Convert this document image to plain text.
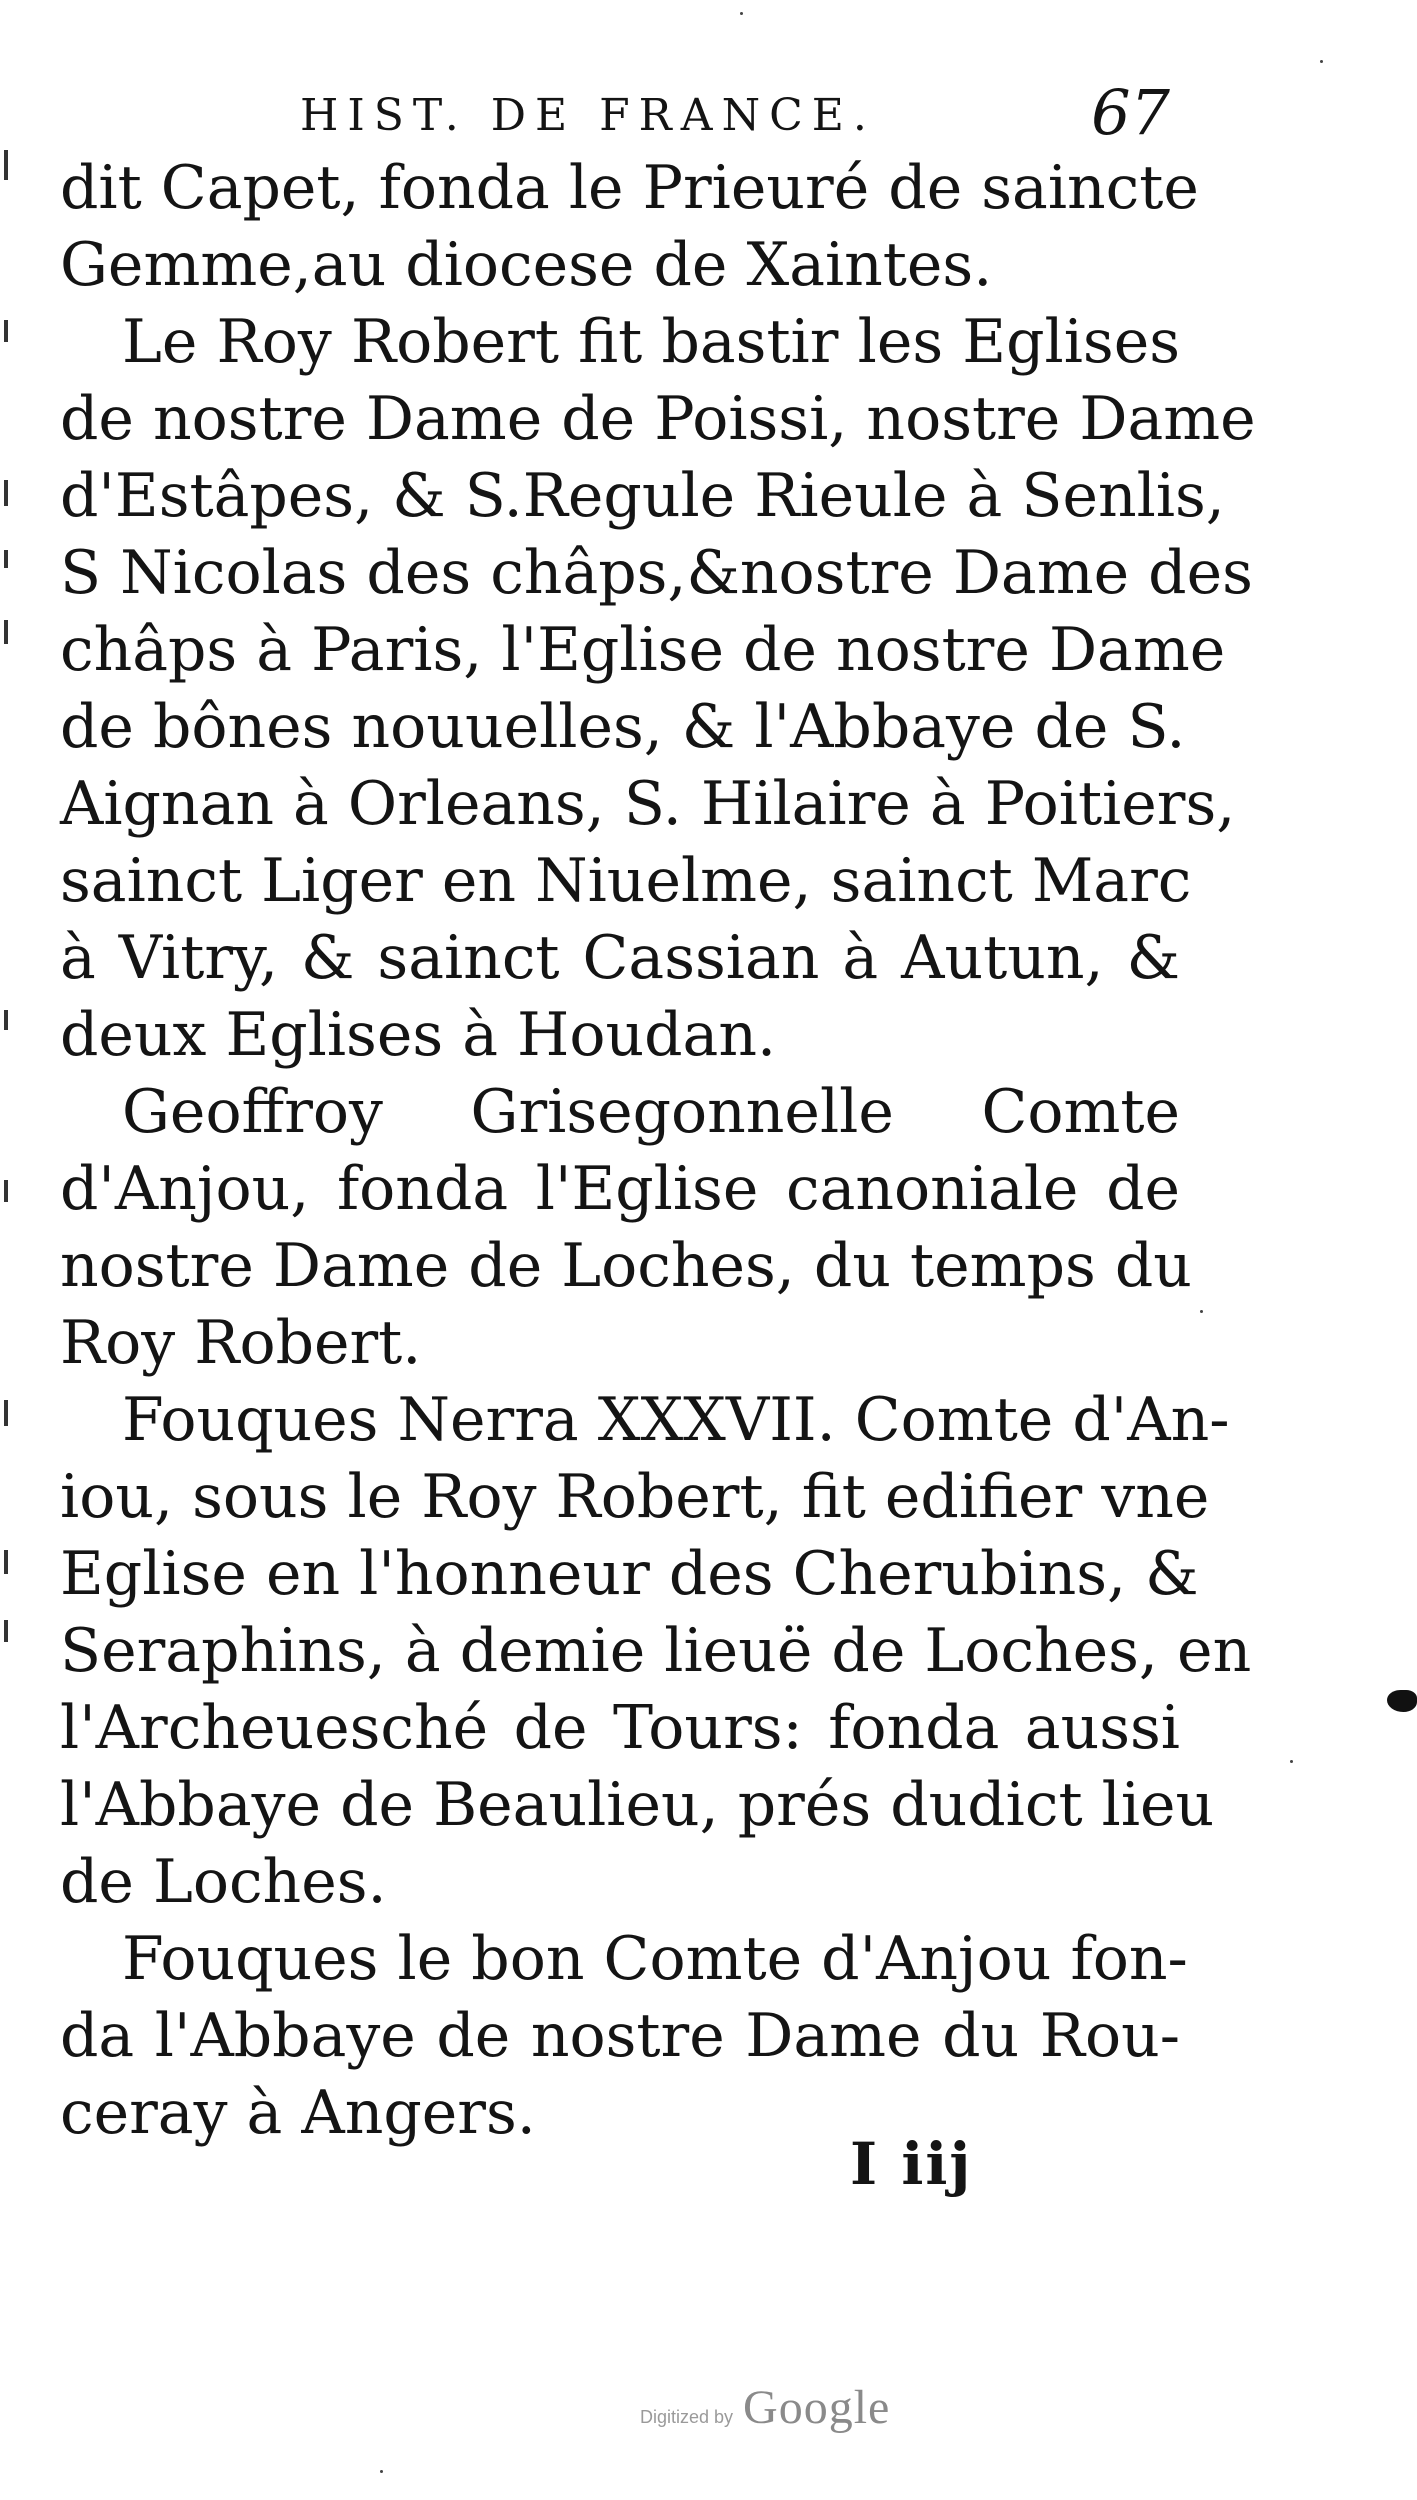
HIST. DE FRANCE.	67
dit Capet, fonda le Prieuré de saincte
Gemme,au diocese de Xaintes.
Le Roy Robert fit bastir les Eglises
de nostre Dame de Poissi, nostre Dame
d'Estâpes, & S.Regule Rieule à Senlis,
S Nicolas des châps,&nostre Dame des
châps à Paris, l'Eglise de nostre Dame
de bônes nouuelles, & l'Abbaye de S.
Aignan à Orleans, S. Hilaire à Poitiers,
sainct Liger en Niuelme, sainct Marc
à Vitry, & sainct Cassian à Autun, &
deux Eglises à Houdan.
Geoffroy Grisegonnelle Comte
d'Anjou, fonda l'Eglise canoniale de
nostre Dame de Loches, du temps du
Roy Robert.
Fouques Nerra XXXVII. Comte d'An-
iou, sous le Roy Robert, fit edifier vne
Eglise en l'honneur des Cherubins, &
Seraphins, à demie lieuë de Loches, en
l'Archeuesché de Tours: fonda aussi
l'Abbaye de Beaulieu, prés dudict lieu
de Loches.
Fouques le bon Comte d'Anjou fon-
da l'Abbaye de nostre Dame du Rou-
ceray à Angers.
I iij
Digitized by Google
